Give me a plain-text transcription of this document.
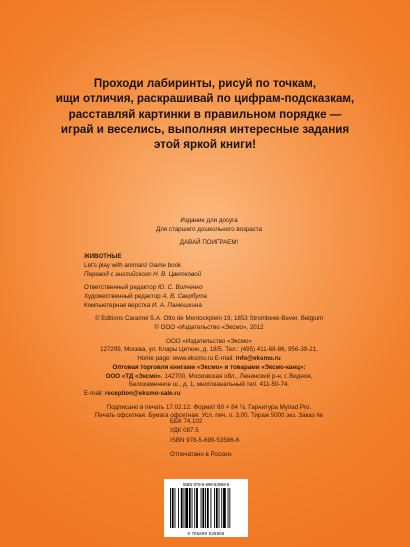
Проходи лабиринты, рисуй по точкам,
ищи отличия, раскрашивай по цифрам-подсказкам,
расставляй картинки в правильном порядке —
играй и веселись, выполняя интересные задания
этой яркой книги!
Издание для досуга
Для старшего дошкольного возраста
ДАВАЙ ПОИГРАЕМ!
ЖИВОТНЫЕ
Let's play with animals! Game book
Перевод с английского Н. В. Цветковой
Ответственный редактор Ю. С. Волченко
Художественный редактор А. В. Свербута
Компьютерная верстка И. А. Панюшкина
© Editions Caramel S.A. Otto de Mentockplein 19, 1853 Strombeek-Bever, Belgium
© ООО «Издательство «Эксмо», 2012
ООО «Издательство «Эксмо»
127299, Москва, ул. Клары Цеткин, д. 18/5. Тел.: (495) 411-68-86, 956-39-21.
Home page: www.eksmo.ru E-mail: info@eksmo.ru
Оптовая торговля книгами «Эксмо» и товарами «Эксмо-канц»:
ООО «ТД «Эксмо», 142700, Московская обл., Ленинский р-н, г. Видное,
Белокаменное ш., д. 1, многоканальный тел. 411-50-74.
E-mail: reception@eksmo-sale.ru
Подписано в печать 17.02.12. Формат 60 × 84 ⅛. Гарнитура Myriad Pro.
Печать офсетная. Бумага офсетная. Усл. печ. л. 3,00. Тираж 5000 экз. Заказ №
ББК 74.102
УДК 087.5
ISBN 978-5-699-53586-6
Отпечатано в России.
ISBN 978-5-699-53586-6
9 785699 535866
